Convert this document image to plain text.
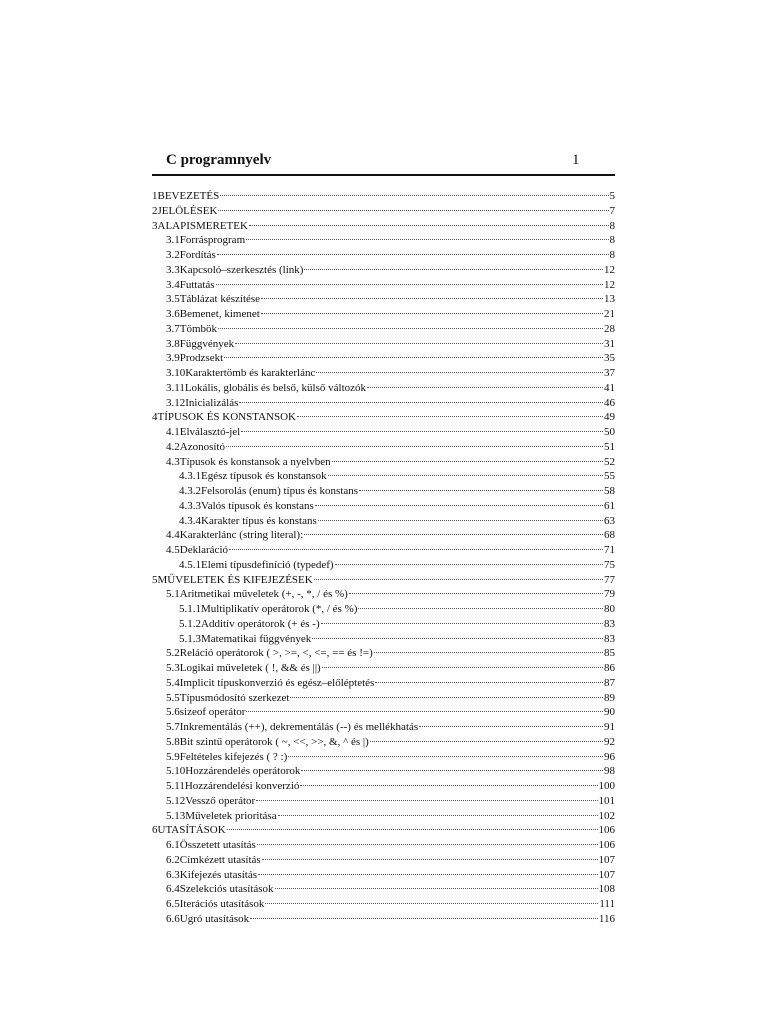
C programnyelv	1
1BEVEZETÉS	5
2JELÖLÉSEK	7
3ALAPISMERETEK	8
3.1Forrásprogram	8
3.2Fordítás	8
3.3Kapcsoló–szerkesztés (link)	12
3.4Futtatás	12
3.5Táblázat készítése	13
3.6Bemenet, kimenet	21
3.7Tömbök	28
3.8Függvények	31
3.9Prodzsekt	35
3.10Karaktertömb és karakterlánc	37
3.11Lokális, globális és belső, külső változók	41
3.12Inicializálás	46
4TÍPUSOK ÉS KONSTANSOK	49
4.1Elválasztó-jel	50
4.2Azonosító	51
4.3Típusok és konstansok a nyelvben	52
4.3.1Egész típusok és konstansok	55
4.3.2Felsorolás (enum) típus és konstans	58
4.3.3Valós típusok és konstans	61
4.3.4Karakter típus és konstans	63
4.4Karakterlánc (string literal):	68
4.5Deklaráció	71
4.5.1Elemi típusdefiníció (typedef)	75
5MŰVELETEK ÉS KIFEJEZÉSEK	77
5.1Aritmetikai műveletek (+, -, *, / és %)	79
5.1.1Multiplikatív operátorok (*, / és %)	80
5.1.2Additív operátorok (+ és -)	83
5.1.3Matematikai függvények	83
5.2Reláció operátorok ( >, >=, <, <=, == és !=)	85
5.3Logikai műveletek ( !, && és ||)	86
5.4Implicit típuskonverzió és egész–előléptetés	87
5.5Típusmódosító szerkezet	89
5.6sizeof operátor	90
5.7Inkrementálás (++), dekrementálás (--) és mellékhatás	91
5.8Bit szintű operátorok ( ~, <<, >>, &, ^ és |)	92
5.9Feltételes kifejezés ( ? :)	96
5.10Hozzárendelés operátorok	98
5.11Hozzárendelési konverzió	100
5.12Vessző operátor	101
5.13Műveletek prioritása	102
6UTASÍTÁSOK	106
6.1Összetett utasítás	106
6.2Címkézett utasítás	107
6.3Kifejezés utasítás	107
6.4Szelekciós utasítások	108
6.5Iterációs utasítások	111
6.6Ugró utasítások	116
